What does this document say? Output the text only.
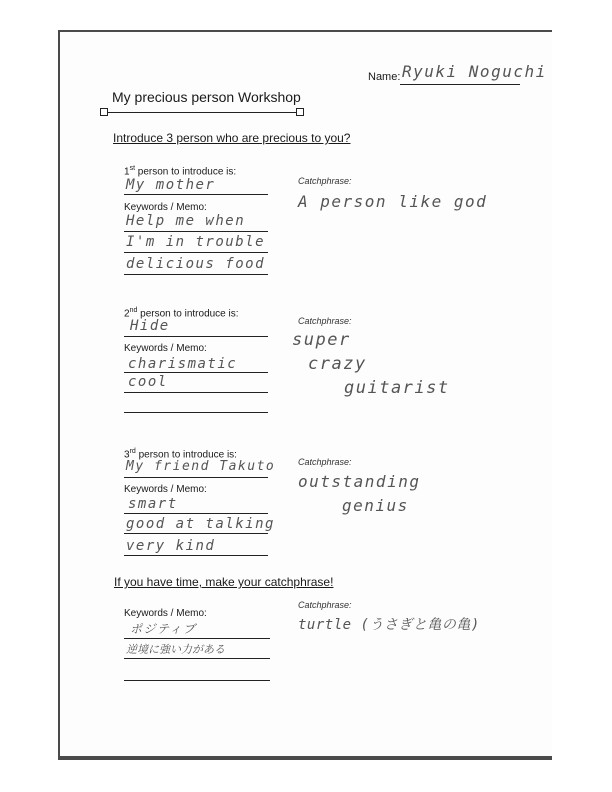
Name: Ryuki Noguchi
My precious person Workshop
Introduce 3 person who are precious to you?
1st person to introduce is:
My mother
Keywords / Memo:
Help me when
I'm in trouble
delicious food
Catchphrase:
A person like god
2nd person to introduce is:
Hide
Keywords / Memo:
charismatic
cool
Catchphrase:
super
crazy
guitarist
3rd person to introduce is:
My friend Takuto
Keywords / Memo:
smart
good at talking
very kind
Catchphrase:
outstanding
genius
If you have time, make your catchphrase!
Keywords / Memo:
ポジティブ
逆境に強い力がある
Catchphrase:
turtle (うさぎと亀の亀)
